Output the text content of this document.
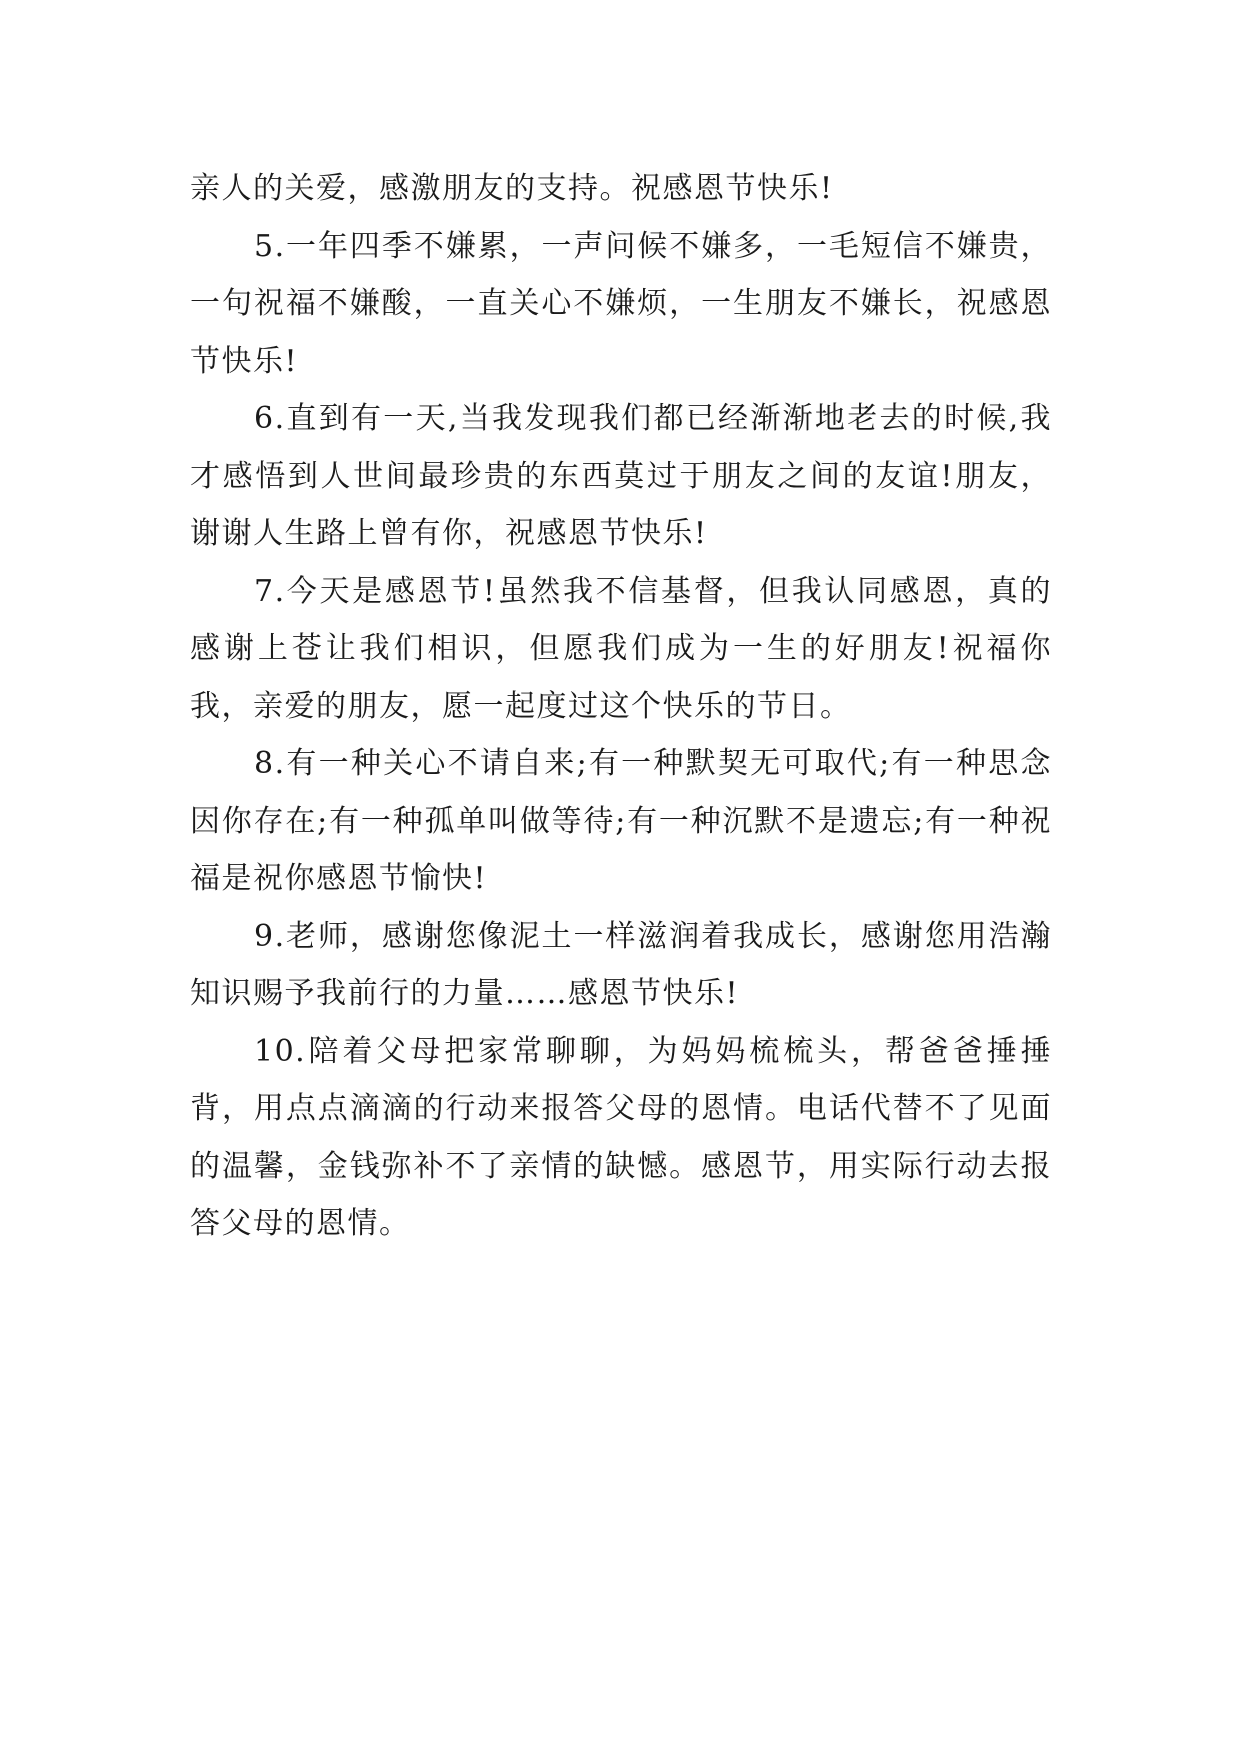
亲人的关爱，感激朋友的支持。祝感恩节快乐!

5.一年四季不嫌累，一声问候不嫌多，一毛短信不嫌贵，一句祝福不嫌酸，一直关心不嫌烦，一生朋友不嫌长，祝感恩节快乐!

6.直到有一天,当我发现我们都已经渐渐地老去的时候,我才感悟到人世间最珍贵的东西莫过于朋友之间的友谊!朋友，谢谢人生路上曾有你，祝感恩节快乐!

7.今天是感恩节!虽然我不信基督，但我认同感恩，真的感谢上苍让我们相识，但愿我们成为一生的好朋友!祝福你我，亲爱的朋友，愿一起度过这个快乐的节日。

8.有一种关心不请自来;有一种默契无可取代;有一种思念因你存在;有一种孤单叫做等待;有一种沉默不是遗忘;有一种祝福是祝你感恩节愉快!

9.老师，感谢您像泥土一样滋润着我成长，感谢您用浩瀚知识赐予我前行的力量……感恩节快乐!

10.陪着父母把家常聊聊，为妈妈梳梳头，帮爸爸捶捶背，用点点滴滴的行动来报答父母的恩情。电话代替不了见面的温馨，金钱弥补不了亲情的缺憾。感恩节，用实际行动去报答父母的恩情。
